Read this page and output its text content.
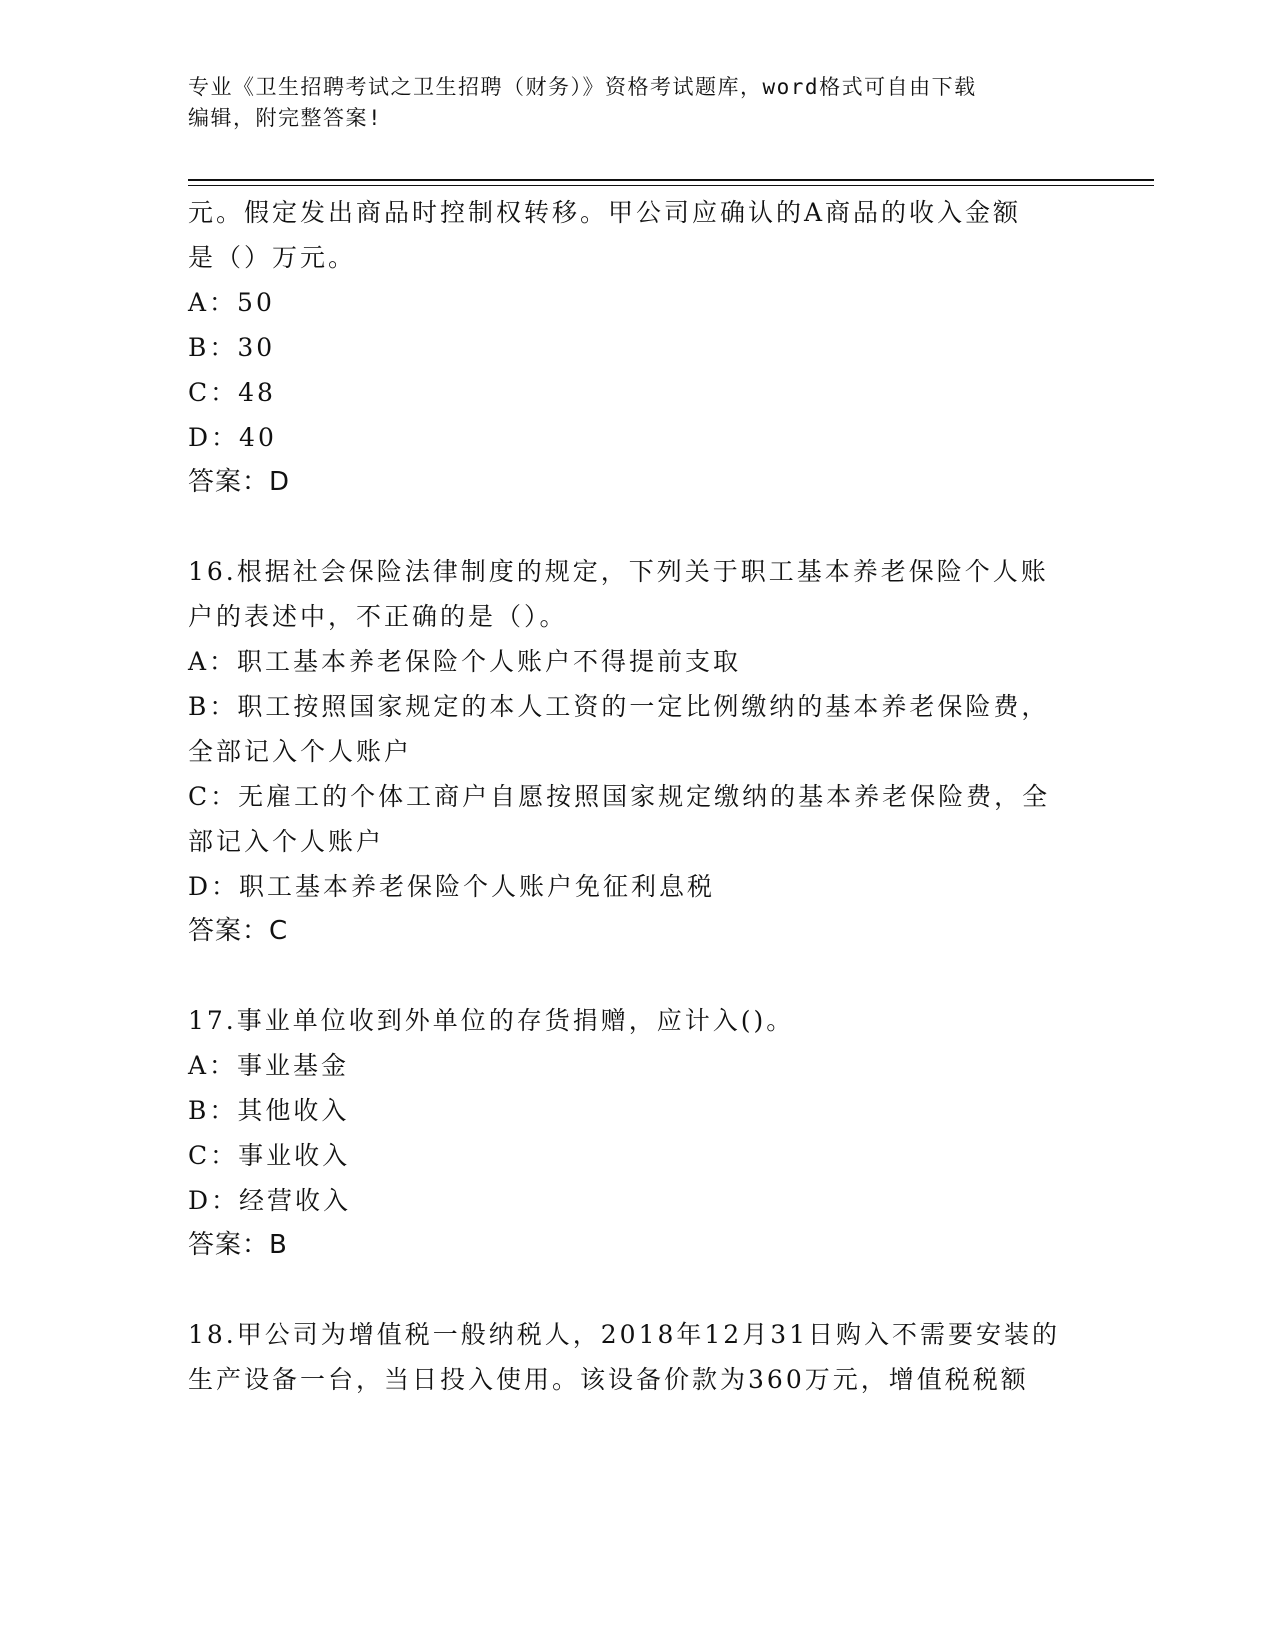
专业《卫生招聘考试之卫生招聘（财务）》资格考试题库，word格式可自由下载
编辑，附完整答案!
元。假定发出商品时控制权转移。甲公司应确认的A商品的收入金额
是（）万元。
A：50
B：30
C：48
D：40
答案：D
16.根据社会保险法律制度的规定，下列关于职工基本养老保险个人账
户的表述中，不正确的是（）。
A：职工基本养老保险个人账户不得提前支取
B：职工按照国家规定的本人工资的一定比例缴纳的基本养老保险费，
全部记入个人账户
C：无雇工的个体工商户自愿按照国家规定缴纳的基本养老保险费，全
部记入个人账户
D：职工基本养老保险个人账户免征利息税
答案：C
17.事业单位收到外单位的存货捐赠，应计入()。
A：事业基金
B：其他收入
C：事业收入
D：经营收入
答案：B
18.甲公司为增值税一般纳税人，2018年12月31日购入不需要安装的
生产设备一台，当日投入使用。该设备价款为360万元，增值税税额
